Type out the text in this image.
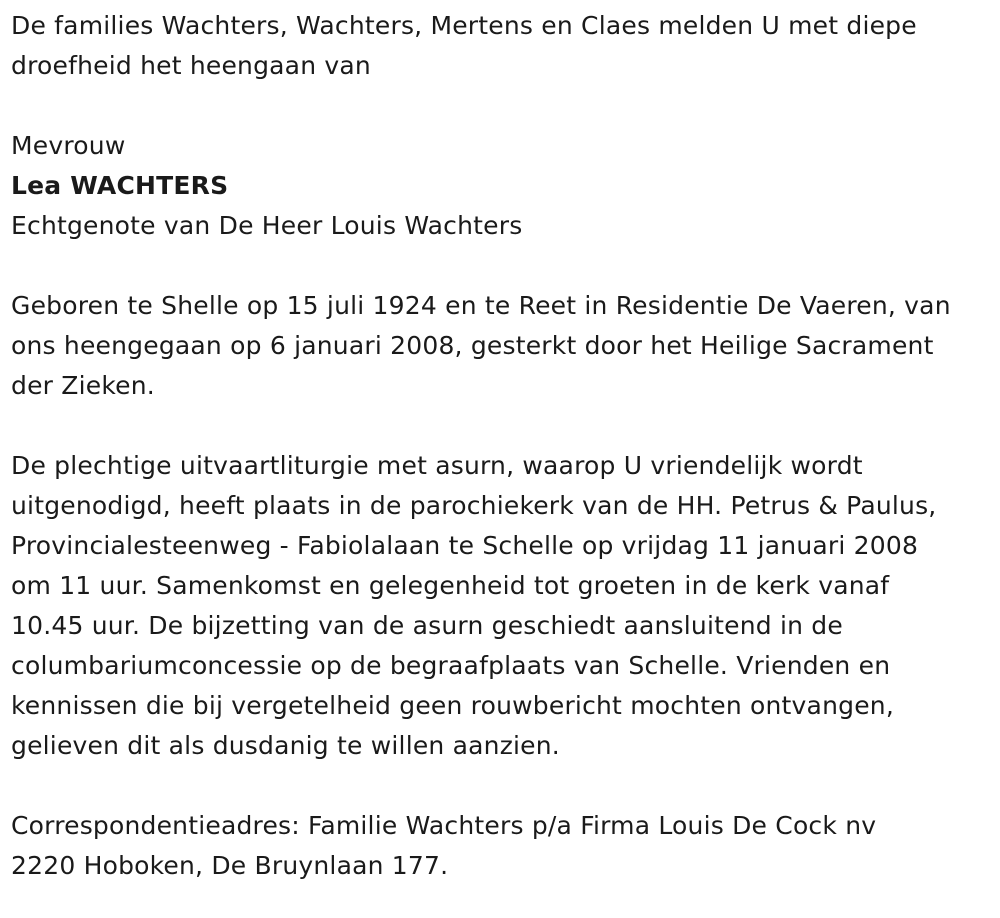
De families Wachters, Wachters, Mertens en Claes melden U met diepe
droefheid het heengaan van
Mevrouw
Lea WACHTERS
Echtgenote van De Heer Louis Wachters
Geboren te Shelle op 15 juli 1924 en te Reet in Residentie De Vaeren, van
ons heengegaan op 6 januari 2008, gesterkt door het Heilige Sacrament
der Zieken.
De plechtige uitvaartliturgie met asurn, waarop U vriendelijk wordt
uitgenodigd, heeft plaats in de parochiekerk van de HH. Petrus & Paulus,
Provincialesteenweg - Fabiolalaan te Schelle op vrijdag 11 januari 2008
om 11 uur. Samenkomst en gelegenheid tot groeten in de kerk vanaf
10.45 uur. De bijzetting van de asurn geschiedt aansluitend in de
columbariumconcessie op de begraafplaats van Schelle. Vrienden en
kennissen die bij vergetelheid geen rouwbericht mochten ontvangen,
gelieven dit als dusdanig te willen aanzien.
Correspondentieadres: Familie Wachters p/a Firma Louis De Cock nv
2220 Hoboken, De Bruynlaan 177.
